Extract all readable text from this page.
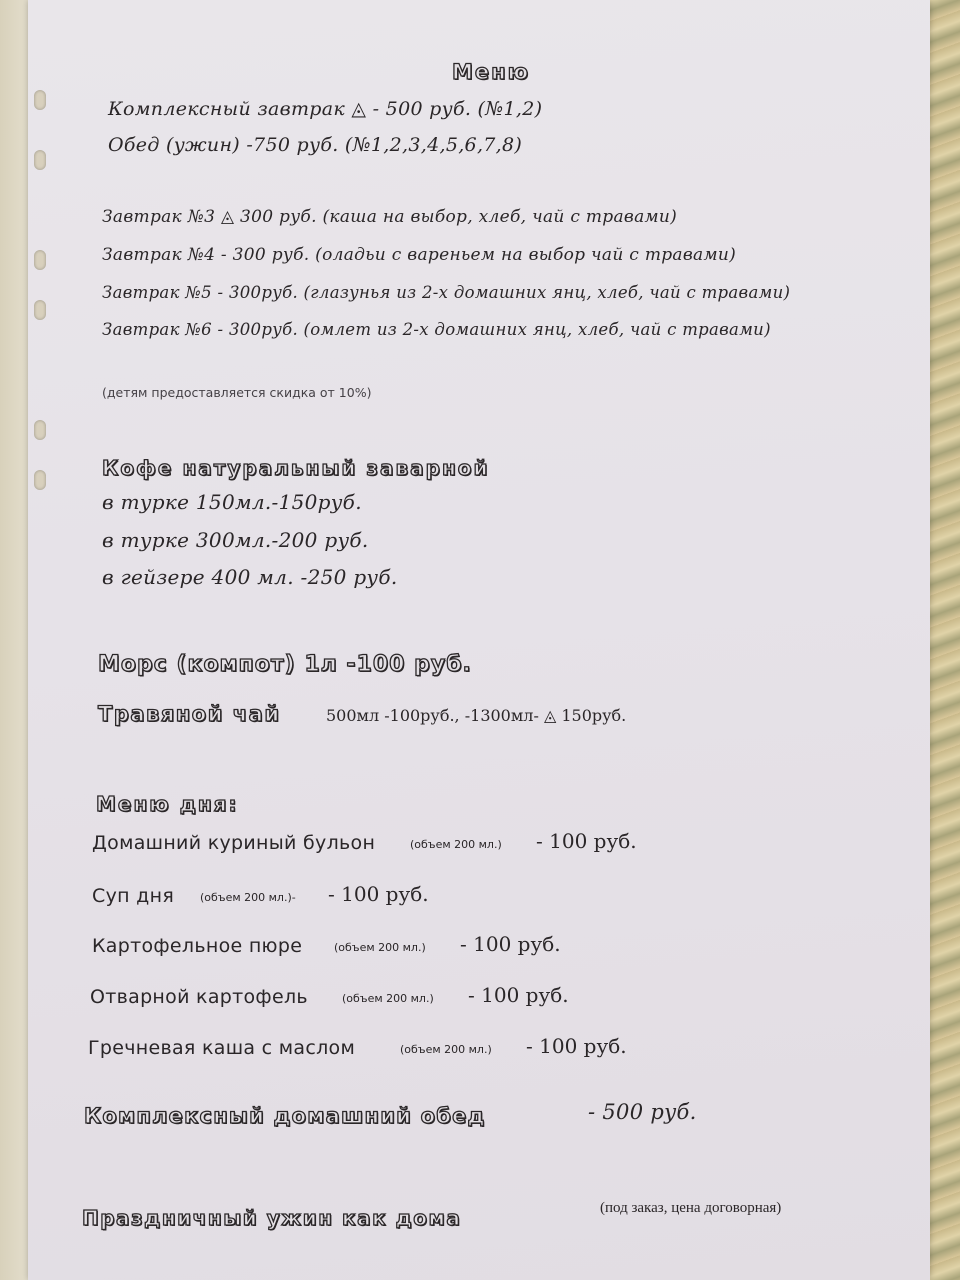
Меню
Комплексный завтрак ◬ - 500 руб. (№1,2)
Обед (ужин) -750 руб. (№1,2,3,4,5,6,7,8)
Завтрак №3 ◬ 300 руб. (каша на выбор, хлеб, чай с травами)
Завтрак №4 - 300 руб. (оладьи с вареньем на выбор чай с травами)
Завтрак №5 - 300руб. (глазунья из 2-х домашних янц, хлеб, чай с травами)
Завтрак №6 - 300руб. (омлет из 2-х домашних янц, хлеб, чай с травами)
(детям предоставляется скидка от 10%)
Кофе натуральный заварной
в турке 150мл.-150руб.
в турке 300мл.-200 руб.
в гейзере 400 мл. -250 руб.
Морс (компот) 1л -100 руб.
Травяной чай	500мл -100руб., -1300мл- ◬ 150руб.
Меню дня:
Домашний куриный бульон	(объем 200 мл.) - 100 руб.
Суп дня (объем 200 мл.)- - 100 руб.
Картофельное пюре	(объем 200 мл.) - 100 руб.
Отварной картофель	(объем 200 мл.) - 100 руб.
Гречневая каша с маслом	(объем 200 мл.) - 100 руб.
Комплексный домашний обед	- 500 руб.
Праздничный ужин как дома	(под заказ, цена договорная)
